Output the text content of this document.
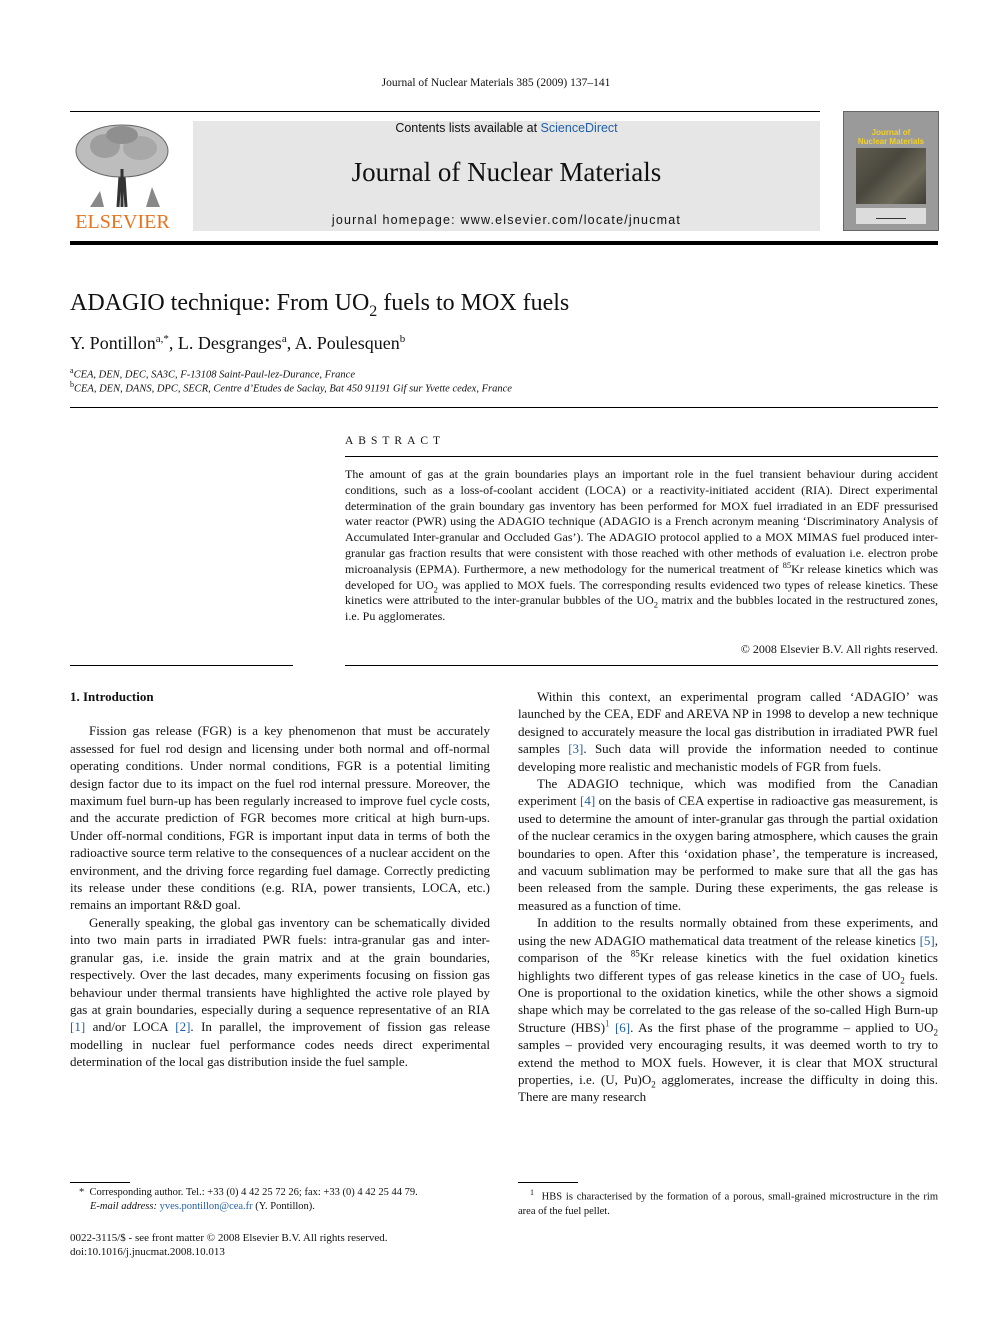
Journal of Nuclear Materials 385 (2009) 137–141
ELSEVIER
Contents lists available at ScienceDirect
Journal of Nuclear Materials
journal homepage: www.elsevier.com/locate/jnucmat
Journal of
Nuclear Materials
ADAGIO technique: From $UO_2$ fuels to MOX fuels
Y. Pontillon$^{a,*}$, L. Desgranges$^a$, A. Poulesquen$^b$
$^a$CEA, DEN, DEC, SA3C, F-13108 Saint-Paul-lez-Durance, France
$^b$CEA, DEN, DANS, DPC, SECR, Centre d’Etudes de Saclay, Bat 450 91191 Gif sur Yvette cedex, France
ABSTRACT
The amount of gas at the grain boundaries plays an important role in the fuel transient behaviour during accident conditions, such as a loss-of-coolant accident (LOCA) or a reactivity-initiated accident (RIA). Direct experimental determination of the grain boundary gas inventory has been performed for MOX fuel irradiated in an EDF pressurised water reactor (PWR) using the ADAGIO technique (ADAGIO is a French acronym meaning ‘Discriminatory Analysis of Accumulated Inter-granular and Occluded Gas’). The ADAGIO protocol applied to a MOX MIMAS fuel produced inter-granular gas fraction results that were consistent with those reached with other methods of evaluation i.e. electron probe microanalysis (EPMA). Furthermore, a new methodology for the numerical treatment of $^{85}$Kr release kinetics which was developed for $UO_2$ was applied to MOX fuels. The corresponding results evidenced two types of release kinetics. These kinetics were attributed to the inter-granular bubbles of the $UO_2$ matrix and the bubbles located in the restructured zones, i.e. Pu agglomerates.
© 2008 Elsevier B.V. All rights reserved.
1. Introduction

Fission gas release (FGR) is a key phenomenon that must be accurately assessed for fuel rod design and licensing under both normal and off-normal operating conditions. Under normal conditions, FGR is a potential limiting design factor due to its impact on the fuel rod internal pressure. Moreover, the maximum fuel burn-up has been regularly increased to improve fuel cycle costs, and the accurate prediction of FGR becomes more critical at high burn-ups. Under off-normal conditions, FGR is important input data in terms of both the radioactive source term relative to the consequences of a nuclear accident on the environment, and the driving force regarding fuel damage. Correctly predicting its release under these conditions (e.g. RIA, power transients, LOCA, etc.) remains an important R&D goal.

Generally speaking, the global gas inventory can be schematically divided into two main parts in irradiated PWR fuels: intra-granular gas and inter-granular gas, i.e. inside the grain matrix and at the grain boundaries, respectively. Over the last decades, many experiments focusing on fission gas behaviour under thermal transients have highlighted the active role played by gas at grain boundaries, especially during a sequence representative of an RIA [1] and/or LOCA [2]. In parallel, the improvement of fission gas release modelling in nuclear fuel performance codes needs direct experimental determination of the local gas distribution inside the fuel sample.

Within this context, an experimental program called ‘ADAGIO’ was launched by the CEA, EDF and AREVA NP in 1998 to develop a new technique designed to accurately measure the local gas distribution in irradiated PWR fuel samples [3]. Such data will provide the information needed to continue developing more realistic and mechanistic models of FGR from fuels.

The ADAGIO technique, which was modified from the Canadian experiment [4] on the basis of CEA expertise in radioactive gas measurement, is used to determine the amount of inter-granular gas through the partial oxidation of the nuclear ceramics in the oxygen baring atmosphere, which causes the grain boundaries to open. After this ‘oxidation phase’, the temperature is increased, and vacuum sublimation may be performed to make sure that all the gas has been released from the sample. During these experiments, the gas release is measured as a function of time.

In addition to the results normally obtained from these experiments, and using the new ADAGIO mathematical data treatment of the release kinetics [5], comparison of the $^{85}$Kr release kinetics with the fuel oxidation kinetics highlights two different types of gas release kinetics in the case of $UO_2$ fuels. One is proportional to the oxidation kinetics, while the other shows a sigmoid shape which may be correlated to the gas release of the so-called High Burn-up Structure (HBS)$^1$ [6]. As the first phase of the programme – applied to $UO_2$ samples – provided very encouraging results, it was deemed worth to try to extend the method to MOX fuels. However, it is clear that MOX structural properties, i.e. (U, $Pu)O_2$ agglomerates, increase the difficulty in doing this. There are many research

* Corresponding author. Tel.: +33 (0) 4 42 25 72 26; fax: +33 (0) 4 42 25 44 79.
E-mail address: yves.pontillon@cea.fr (Y. Pontillon).
$^1$ HBS is characterised by the formation of a porous, small-grained microstructure in the rim area of the fuel pellet.
0022-3115/$ - see front matter © 2008 Elsevier B.V. All rights reserved.
doi:10.1016/j.jnucmat.2008.10.013
